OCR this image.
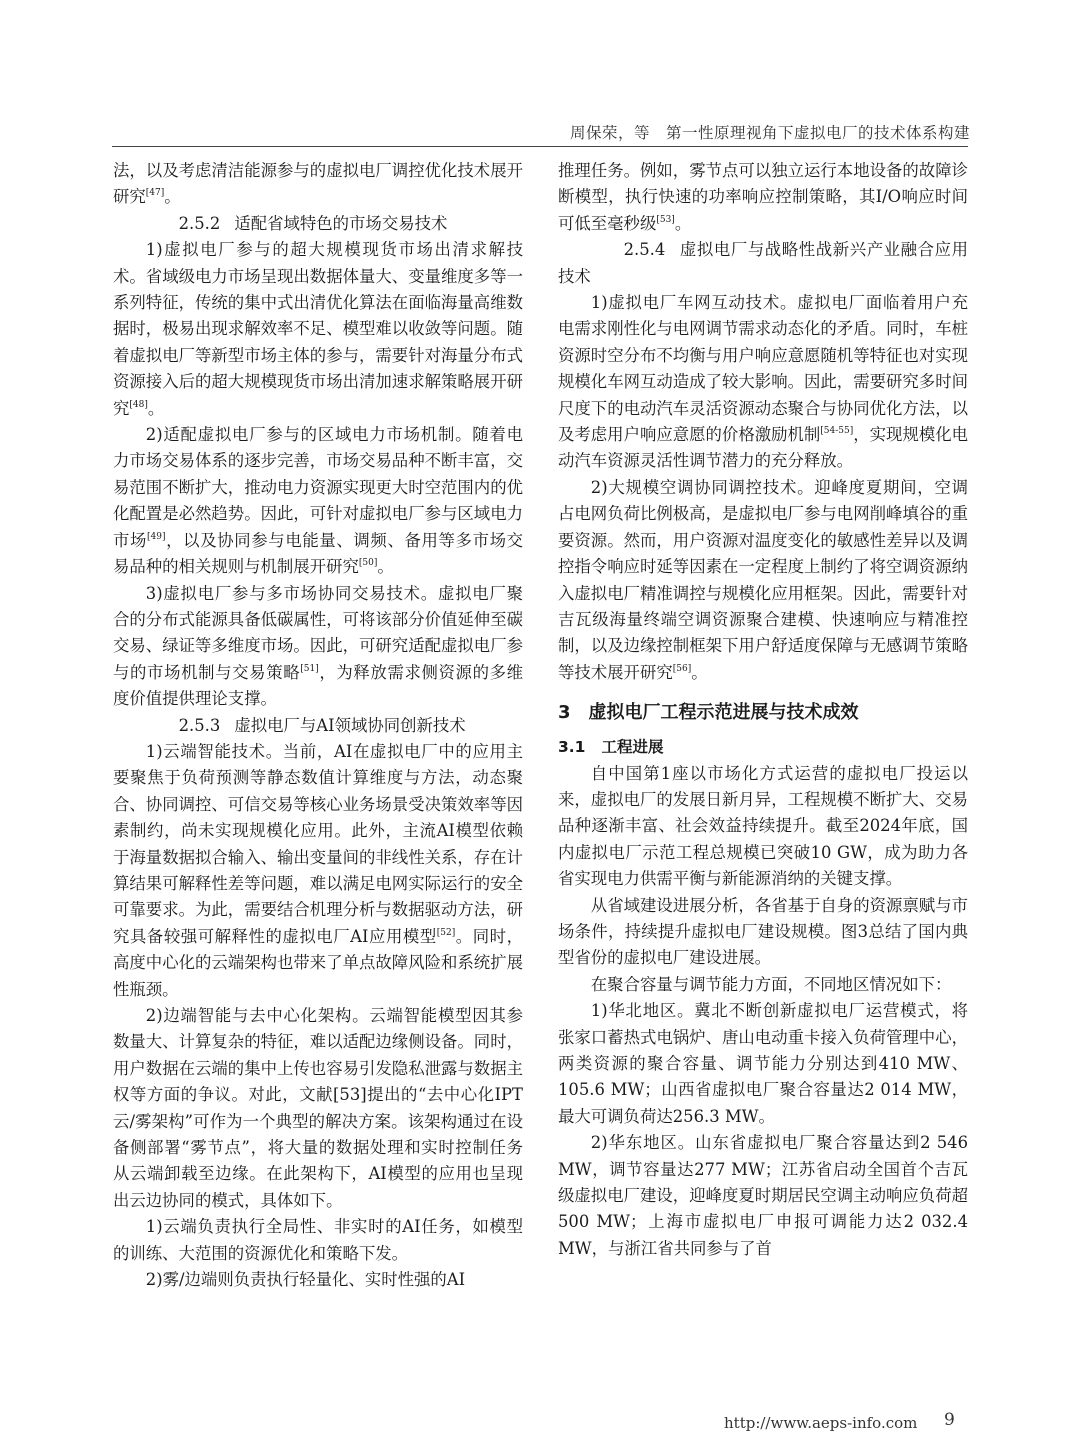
周保荣，等　第一性原理视角下虚拟电厂的技术体系构建

法，以及考虑清洁能源参与的虚拟电厂调控优化技术展开研究[47]。

2.5.2 适配省域特色的市场交易技术

1)虚拟电厂参与的超大规模现货市场出清求解技术。省域级电力市场呈现出数据体量大、变量维度多等一系列特征，传统的集中式出清优化算法在面临海量高维数据时，极易出现求解效率不足、模型难以收敛等问题。随着虚拟电厂等新型市场主体的参与，需要针对海量分布式资源接入后的超大规模现货市场出清加速求解策略展开研究[48]。

2)适配虚拟电厂参与的区域电力市场机制。随着电力市场交易体系的逐步完善，市场交易品种不断丰富，交易范围不断扩大，推动电力资源实现更大时空范围内的优化配置是必然趋势。因此，可针对虚拟电厂参与区域电力市场[49]，以及协同参与电能量、调频、备用等多市场交易品种的相关规则与机制展开研究[50]。

3)虚拟电厂参与多市场协同交易技术。虚拟电厂聚合的分布式能源具备低碳属性，可将该部分价值延伸至碳交易、绿证等多维度市场。因此，可研究适配虚拟电厂参与的市场机制与交易策略[51]，为释放需求侧资源的多维度价值提供理论支撑。

2.5.3 虚拟电厂与AI领域协同创新技术

1)云端智能技术。当前，AI在虚拟电厂中的应用主要聚焦于负荷预测等静态数值计算维度与方法，动态聚合、协同调控、可信交易等核心业务场景受决策效率等因素制约，尚未实现规模化应用。此外，主流AI模型依赖于海量数据拟合输入、输出变量间的非线性关系，存在计算结果可解释性差等问题，难以满足电网实际运行的安全可靠要求。为此，需要结合机理分析与数据驱动方法，研究具备较强可解释性的虚拟电厂AI应用模型[52]。同时，高度中心化的云端架构也带来了单点故障风险和系统扩展性瓶颈。

2)边端智能与去中心化架构。云端智能模型因其参数量大、计算复杂的特征，难以适配边缘侧设备。同时，用户数据在云端的集中上传也容易引发隐私泄露与数据主权等方面的争议。对此，文献[53]提出的“去中心化IPT云/雾架构”可作为一个典型的解决方案。该架构通过在设备侧部署“雾节点”，将大量的数据处理和实时控制任务从云端卸载至边缘。在此架构下，AI模型的应用也呈现出云边协同的模式，具体如下。

1)云端负责执行全局性、非实时的AI任务，如模型的训练、大范围的资源优化和策略下发。

2)雾/边端则负责执行轻量化、实时性强的AI

推理任务。例如，雾节点可以独立运行本地设备的故障诊断模型，执行快速的功率响应控制策略，其I/O响应时间可低至毫秒级[53]。

2.5.4 虚拟电厂与战略性战新兴产业融合应用技术

1)虚拟电厂车网互动技术。虚拟电厂面临着用户充电需求刚性化与电网调节需求动态化的矛盾。同时，车桩资源时空分布不均衡与用户响应意愿随机等特征也对实现规模化车网互动造成了较大影响。因此，需要研究多时间尺度下的电动汽车灵活资源动态聚合与协同优化方法，以及考虑用户响应意愿的价格激励机制[54-55]，实现规模化电动汽车资源灵活性调节潜力的充分释放。

2)大规模空调协同调控技术。迎峰度夏期间，空调占电网负荷比例极高，是虚拟电厂参与电网削峰填谷的重要资源。然而，用户资源对温度变化的敏感性差异以及调控指令响应时延等因素在一定程度上制约了将空调资源纳入虚拟电厂精准调控与规模化应用框架。因此，需要针对吉瓦级海量终端空调资源聚合建模、快速响应与精准控制，以及边缘控制框架下用户舒适度保障与无感调节策略等技术展开研究[56]。

3 虚拟电厂工程示范进展与技术成效
3.1 工程进展

自中国第1座以市场化方式运营的虚拟电厂投运以来，虚拟电厂的发展日新月异，工程规模不断扩大、交易品种逐渐丰富、社会效益持续提升。截至2024年底，国内虚拟电厂示范工程总规模已突破10 GW，成为助力各省实现电力供需平衡与新能源消纳的关键支撑。

从省域建设进展分析，各省基于自身的资源禀赋与市场条件，持续提升虚拟电厂建设规模。图3总结了国内典型省份的虚拟电厂建设进展。

在聚合容量与调节能力方面，不同地区情况如下：

1)华北地区。冀北不断创新虚拟电厂运营模式，将张家口蓄热式电锅炉、唐山电动重卡接入负荷管理中心，两类资源的聚合容量、调节能力分别达到410 MW、105.6 MW；山西省虚拟电厂聚合容量达2 014 MW，最大可调负荷达256.3 MW。

2)华东地区。山东省虚拟电厂聚合容量达到2 546 MW，调节容量达277 MW；江苏省启动全国首个吉瓦级虚拟电厂建设，迎峰度夏时期居民空调主动响应负荷超500 MW；上海市虚拟电厂申报可调能力达2 032.4 MW，与浙江省共同参与了首

http://www.aeps-info.com 9
